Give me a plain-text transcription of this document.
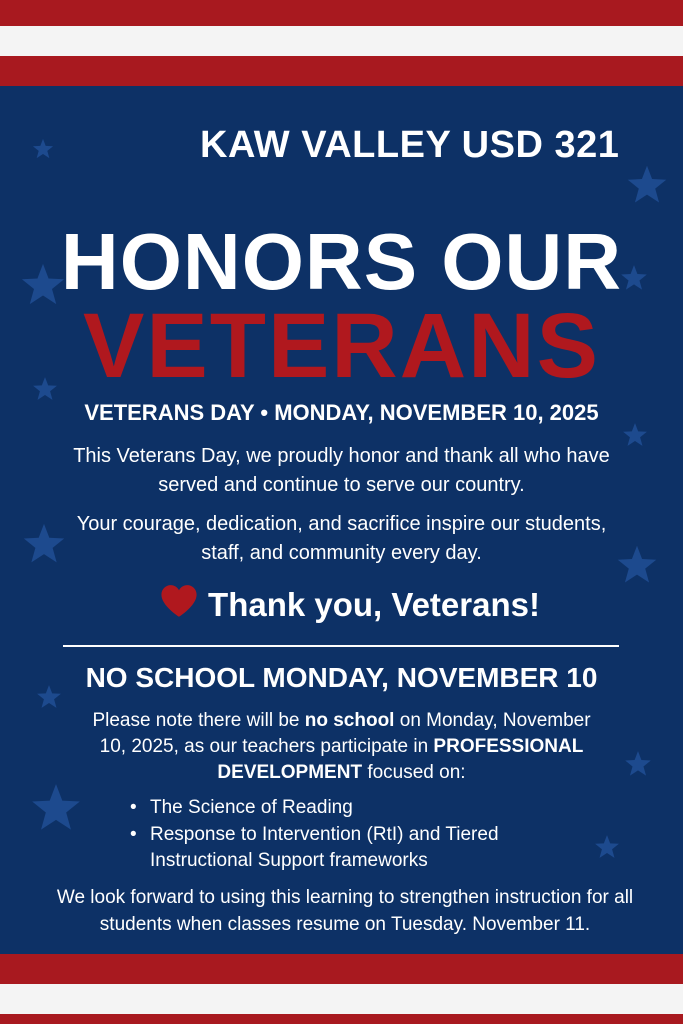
KAW VALLEY USD 321
HONORS OUR
VETERANS
VETERANS DAY • MONDAY, NOVEMBER 10, 2025
This Veterans Day, we proudly honor and thank all who have served and continue to serve our country.
Your courage, dedication, and sacrifice inspire our students, staff, and community every day.
Thank you, Veterans!
NO SCHOOL MONDAY, NOVEMBER 10
Please note there will be no school on Monday, November 10, 2025, as our teachers participate in PROFESSIONAL DEVELOPMENT focused on:
• The Science of Reading
• Response to Intervention (RtI) and Tiered Instructional Support frameworks
We look forward to using this learning to strengthen instruction for all students when classes resume on Tuesday. November 11.
